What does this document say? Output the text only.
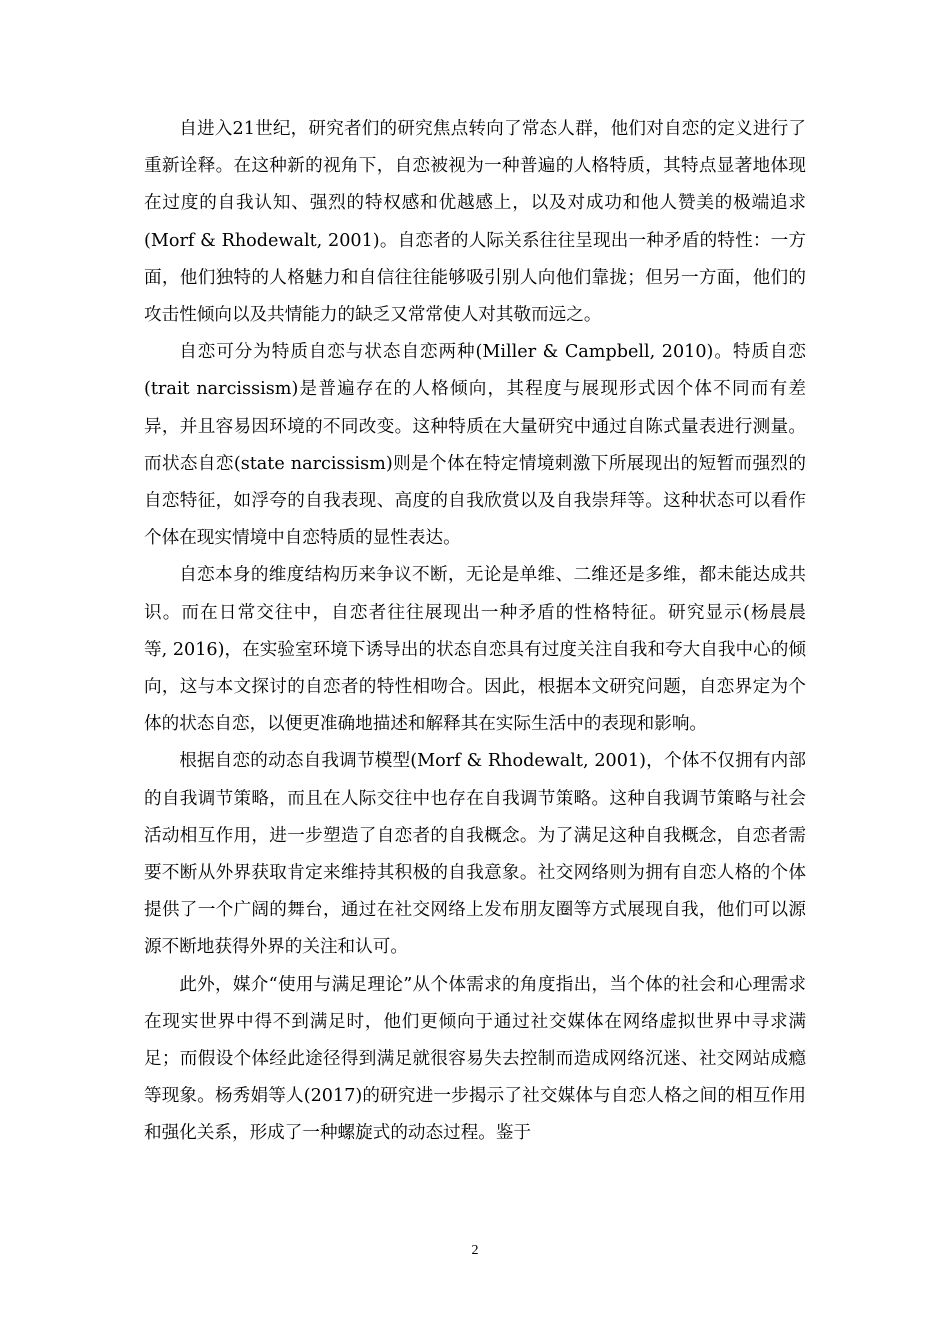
自进入21世纪，研究者们的研究焦点转向了常态人群，他们对自恋的定义进行了重新诠释。在这种新的视角下，自恋被视为一种普遍的人格特质，其特点显著地体现在过度的自我认知、强烈的特权感和优越感上，以及对成功和他人赞美的极端追求(Morf & Rhodewalt, 2001)。自恋者的人际关系往往呈现出一种矛盾的特性：一方面，他们独特的人格魅力和自信往往能够吸引别人向他们靠拢；但另一方面，他们的攻击性倾向以及共情能力的缺乏又常常使人对其敬而远之。

自恋可分为特质自恋与状态自恋两种(Miller & Campbell, 2010)。特质自恋(trait narcissism)是普遍存在的人格倾向，其程度与展现形式因个体不同而有差异，并且容易因环境的不同改变。这种特质在大量研究中通过自陈式量表进行测量。而状态自恋(state narcissism)则是个体在特定情境刺激下所展现出的短暂而强烈的自恋特征，如浮夸的自我表现、高度的自我欣赏以及自我崇拜等。这种状态可以看作个体在现实情境中自恋特质的显性表达。

自恋本身的维度结构历来争议不断，无论是单维、二维还是多维，都未能达成共识。而在日常交往中，自恋者往往展现出一种矛盾的性格特征。研究显示(杨晨晨　等, 2016)，在实验室环境下诱导出的状态自恋具有过度关注自我和夸大自我中心的倾向，这与本文探讨的自恋者的特性相吻合。因此，根据本文研究问题，自恋界定为个体的状态自恋，以便更准确地描述和解释其在实际生活中的表现和影响。

根据自恋的动态自我调节模型(Morf & Rhodewalt, 2001)，个体不仅拥有内部的自我调节策略，而且在人际交往中也存在自我调节策略。这种自我调节策略与社会活动相互作用，进一步塑造了自恋者的自我概念。为了满足这种自我概念，自恋者需要不断从外界获取肯定来维持其积极的自我意象。社交网络则为拥有自恋人格的个体提供了一个广阔的舞台，通过在社交网络上发布朋友圈等方式展现自我，他们可以源源不断地获得外界的关注和认可。

此外，媒介“使用与满足理论”从个体需求的角度指出，当个体的社会和心理需求在现实世界中得不到满足时，他们更倾向于通过社交媒体在网络虚拟世界中寻求满足；而假设个体经此途径得到满足就很容易失去控制而造成网络沉迷、社交网站成瘾等现象。杨秀娟等人(2017)的研究进一步揭示了社交媒体与自恋人格之间的相互作用和强化关系，形成了一种螺旋式的动态过程。鉴于

2
